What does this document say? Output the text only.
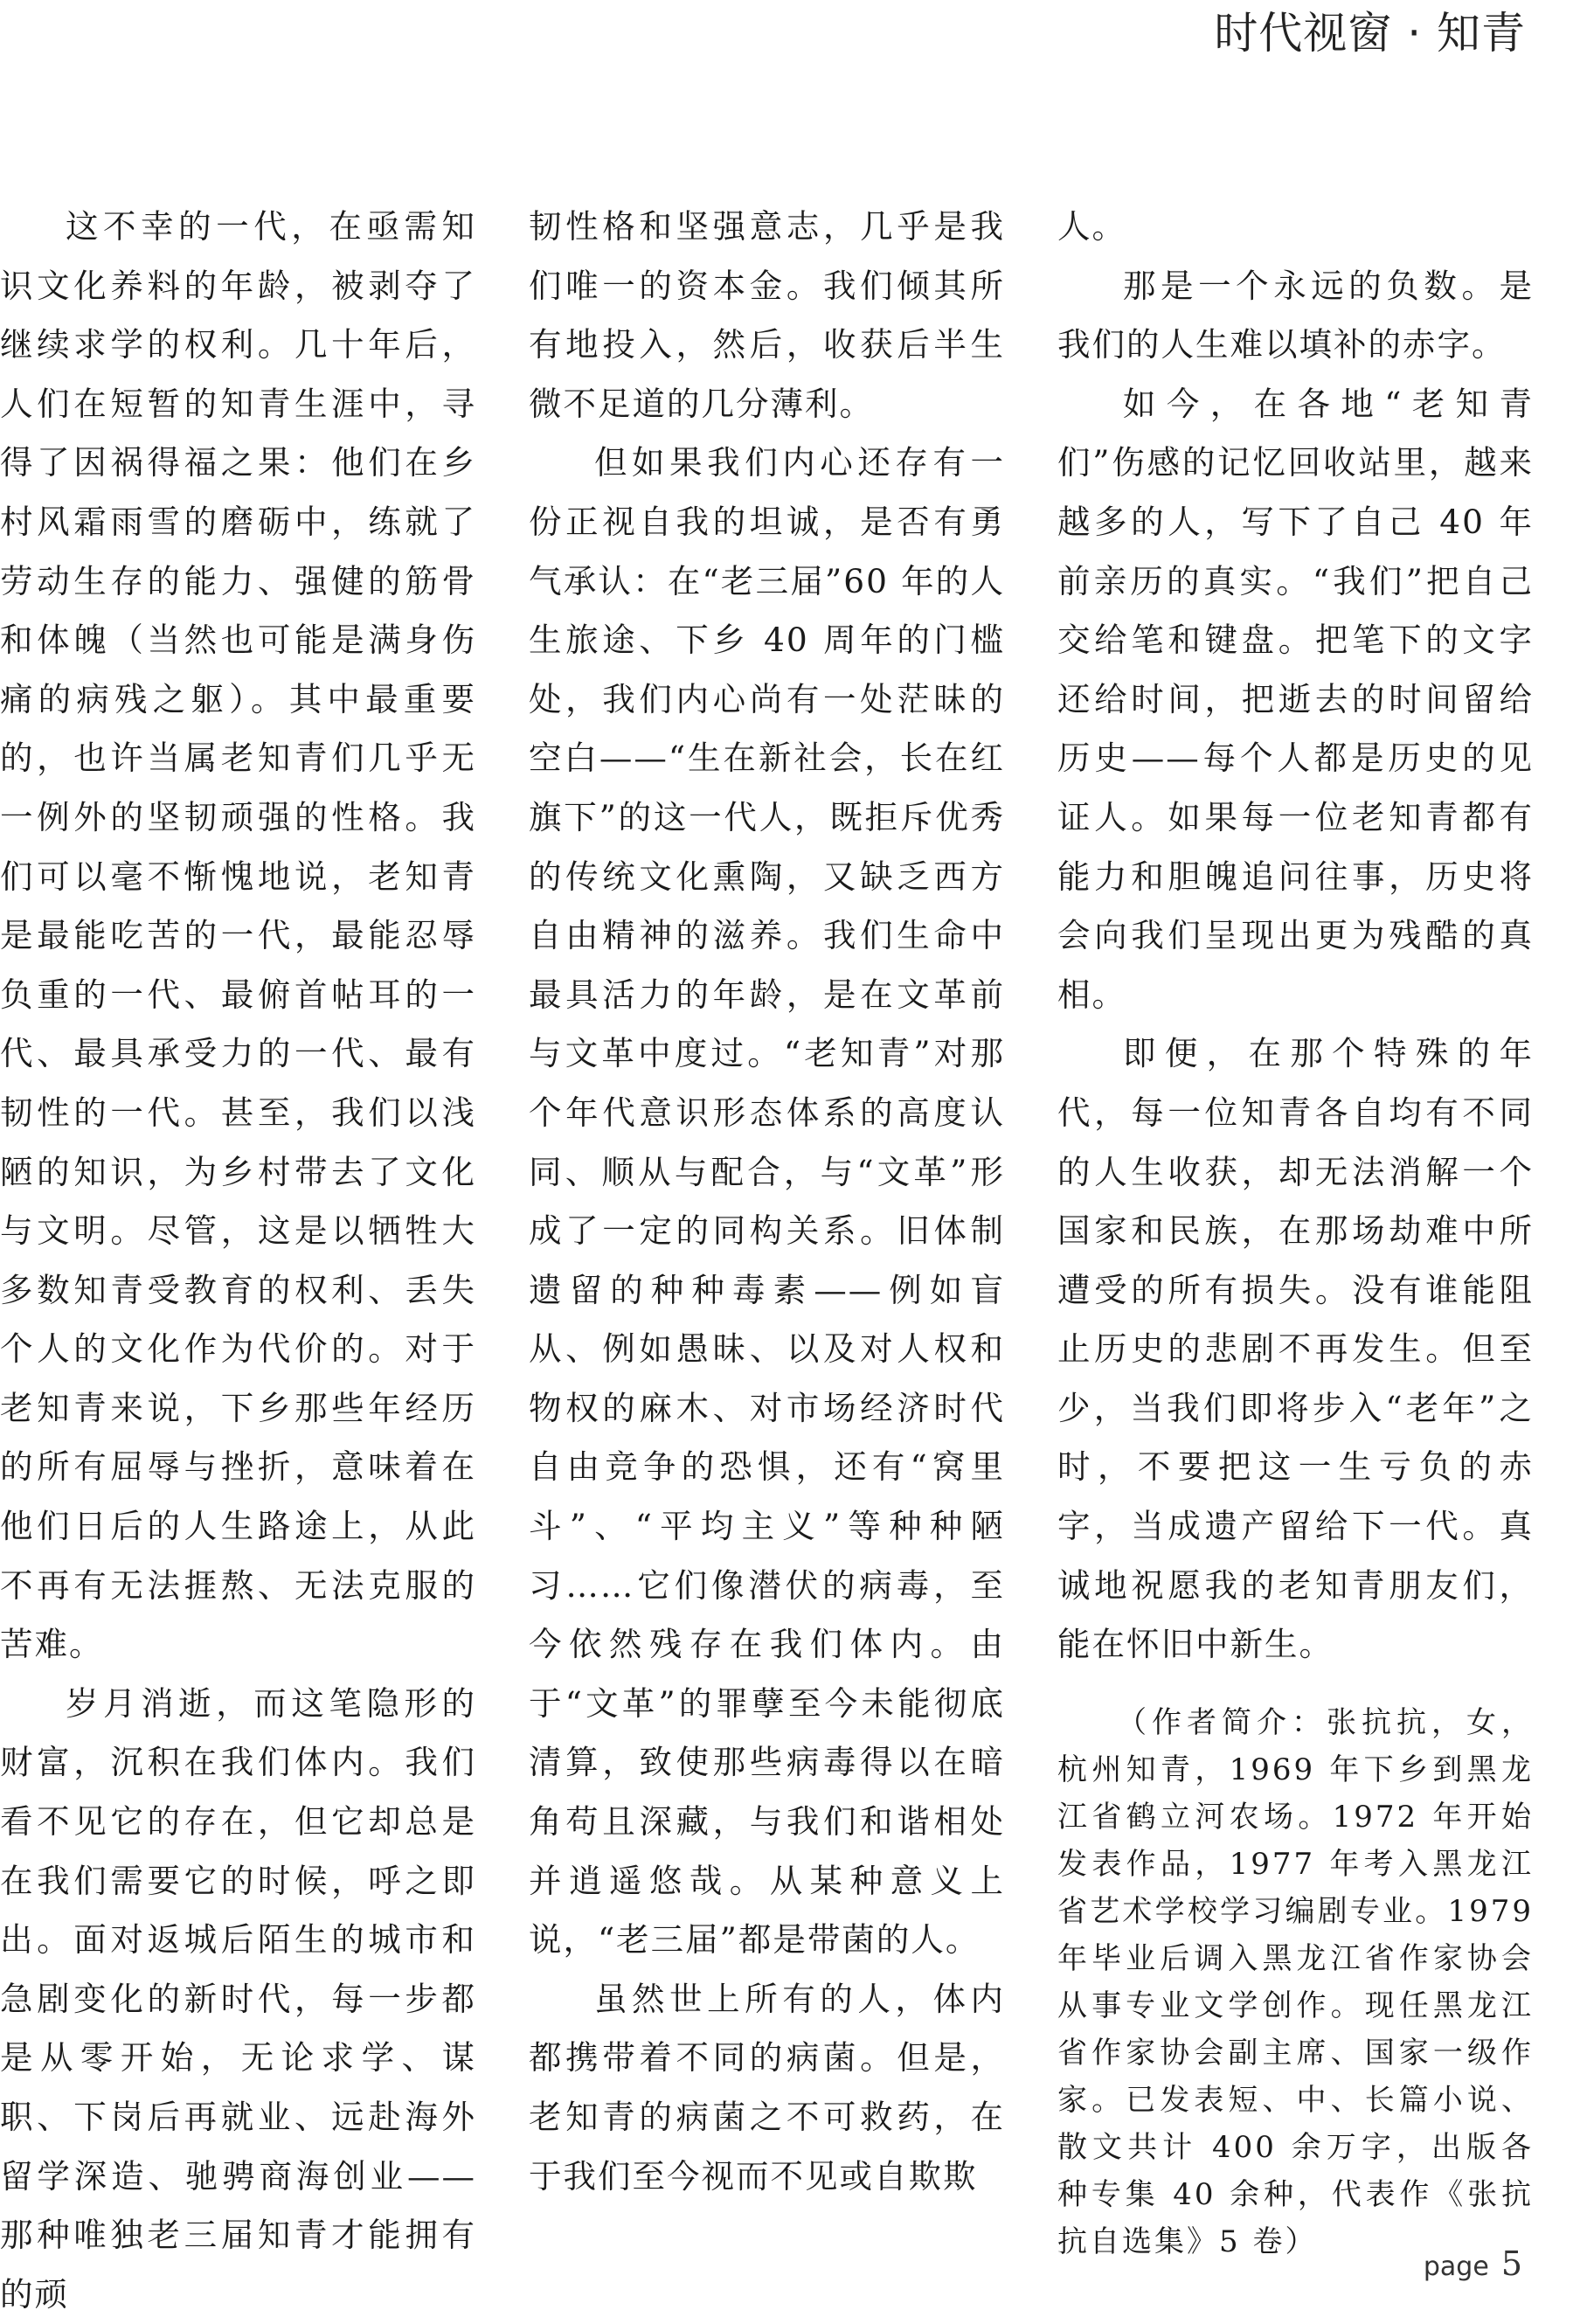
时代视窗 · 知青

这不幸的一代，在亟需知识文化养料的年龄，被剥夺了继续求学的权利。几十年后，人们在短暂的知青生涯中，寻得了因祸得福之果：他们在乡村风霜雨雪的磨砺中，练就了劳动生存的能力、强健的筋骨和体魄（当然也可能是满身伤痛的病残之躯）。其中最重要的，也许当属老知青们几乎无一例外的坚韧顽强的性格。我们可以毫不惭愧地说，老知青是最能吃苦的一代，最能忍辱负重的一代、最俯首帖耳的一代、最具承受力的一代、最有韧性的一代。甚至，我们以浅陋的知识，为乡村带去了文化与文明。尽管，这是以牺牲大多数知青受教育的权利、丢失个人的文化作为代价的。对于老知青来说，下乡那些年经历的所有屈辱与挫折，意味着在他们日后的人生路途上，从此不再有无法捱熬、无法克服的苦难。

岁月消逝，而这笔隐形的财富，沉积在我们体内。我们看不见它的存在，但它却总是在我们需要它的时候，呼之即出。面对返城后陌生的城市和急剧变化的新时代，每一步都是从零开始，无论求学、谋职、下岗后再就业、远赴海外留学深造、驰骋商海创业——那种唯独老三届知青才能拥有的顽

韧性格和坚强意志，几乎是我们唯一的资本金。我们倾其所有地投入，然后，收获后半生微不足道的几分薄利。

但如果我们内心还存有一份正视自我的坦诚，是否有勇气承认：在“老三届”60 年的人生旅途、下乡 40 周年的门槛处，我们内心尚有一处茫昧的空白——“生在新社会，长在红旗下”的这一代人，既拒斥优秀的传统文化熏陶，又缺乏西方自由精神的滋养。我们生命中最具活力的年龄，是在文革前与文革中度过。“老知青”对那个年代意识形态体系的高度认同、顺从与配合，与“文革”形成了一定的同构关系。旧体制遗留的种种毒素——例如盲从、例如愚昧、以及对人权和物权的麻木、对市场经济时代自由竞争的恐惧，还有“窝里斗”、“平均主义”等种种陋习……它们像潜伏的病毒，至今依然残存在我们体内。由于“文革”的罪孽至今未能彻底清算，致使那些病毒得以在暗角苟且深藏，与我们和谐相处并逍遥悠哉。从某种意义上说，“老三届”都是带菌的人。

虽然世上所有的人，体内都携带着不同的病菌。但是，老知青的病菌之不可救药，在于我们至今视而不见或自欺欺

人。

那是一个永远的负数。是我们的人生难以填补的赤字。

如今，在各地“老知青们”伤感的记忆回收站里，越来越多的人，写下了自己 40 年前亲历的真实。“我们”把自己交给笔和键盘。把笔下的文字还给时间，把逝去的时间留给历史——每个人都是历史的见证人。如果每一位老知青都有能力和胆魄追问往事，历史将会向我们呈现出更为残酷的真相。

即便，在那个特殊的年代，每一位知青各自均有不同的人生收获，却无法消解一个国家和民族，在那场劫难中所遭受的所有损失。没有谁能阻止历史的悲剧不再发生。但至少，当我们即将步入“老年”之时，不要把这一生亏负的赤字，当成遗产留给下一代。真诚地祝愿我的老知青朋友们，能在怀旧中新生。

（作者简介：张抗抗，女，杭州知青，1969 年下乡到黑龙江省鹤立河农场。1972 年开始发表作品，1977 年考入黑龙江省艺术学校学习编剧专业。1979 年毕业后调入黑龙江省作家协会从事专业文学创作。现任黑龙江省作家协会副主席、国家一级作家。已发表短、中、长篇小说、散文共计 400 余万字，出版各种专集 40 余种，代表作《张抗抗自选集》5 卷）

page 5
